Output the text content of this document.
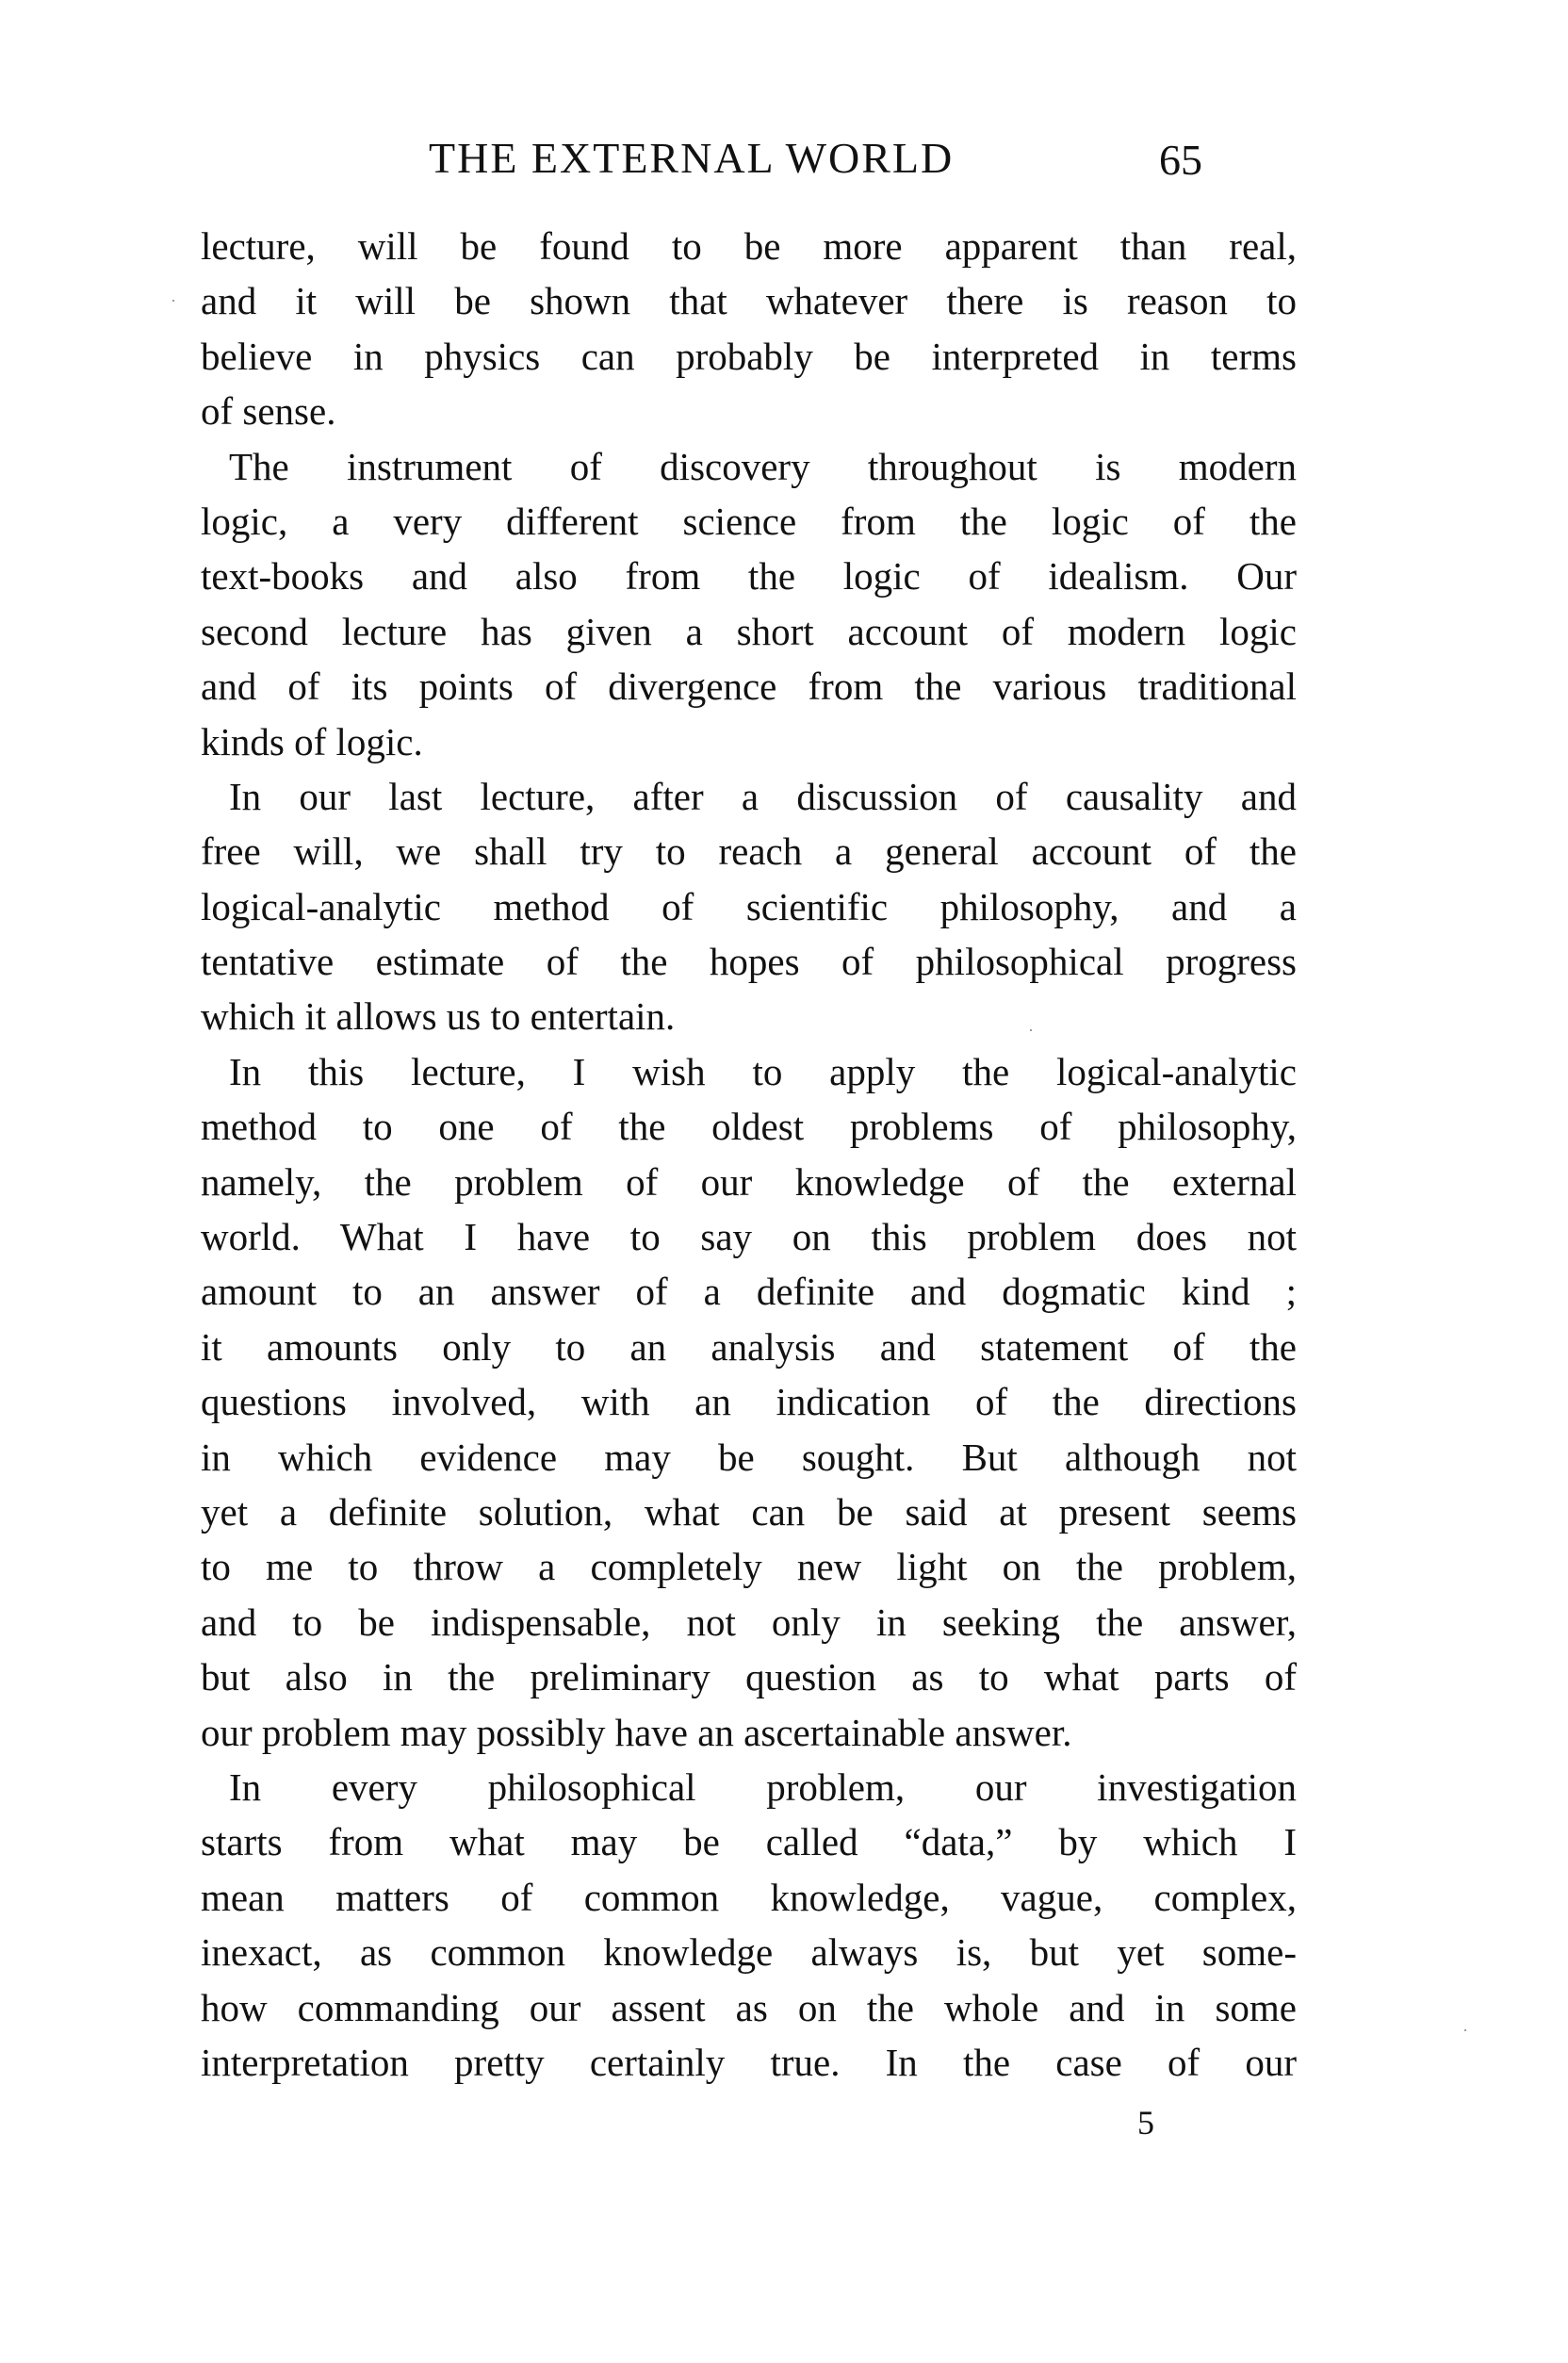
THE EXTERNAL WORLD	65
lecture, will be found to be more apparent than real,
and it will be shown that whatever there is reason to
believe in physics can probably be interpreted in terms
of sense.
The instrument of discovery throughout is modern
logic, a very different science from the logic of the
text-books and also from the logic of idealism. Our
second lecture has given a short account of modern logic
and of its points of divergence from the various traditional
kinds of logic.
In our last lecture, after a discussion of causality and
free will, we shall try to reach a general account of the
logical-analytic method of scientific philosophy, and a
tentative estimate of the hopes of philosophical progress
which it allows us to entertain.
In this lecture, I wish to apply the logical-analytic
method to one of the oldest problems of philosophy,
namely, the problem of our knowledge of the external
world. What I have to say on this problem does not
amount to an answer of a definite and dogmatic kind ;
it amounts only to an analysis and statement of the
questions involved, with an indication of the directions
in which evidence may be sought. But although not
yet a definite solution, what can be said at present seems
to me to throw a completely new light on the problem,
and to be indispensable, not only in seeking the answer,
but also in the preliminary question as to what parts of
our problem may possibly have an ascertainable answer.
In every philosophical problem, our investigation
starts from what may be called “data,” by which I
mean matters of common knowledge, vague, complex,
inexact, as common knowledge always is, but yet some-
how commanding our assent as on the whole and in some
interpretation pretty certainly true. In the case of our
5
